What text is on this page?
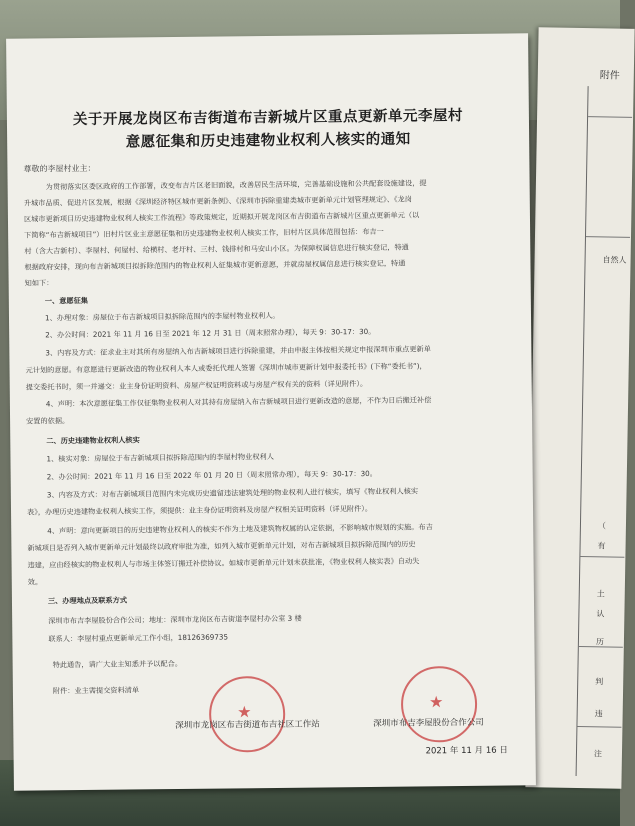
附件
自然人
（
有
土
认
历
判
违
注
关于开展龙岗区布吉街道布吉新城片区重点更新单元李屋村
意愿征集和历史违建物业权利人核实的通知
尊敬的李屋村业主：
为贯彻落实区委区政府的工作部署，改变布吉片区老旧面貌，改善居民生活环境，完善基础设施和公共配套设施建设，提
升城市品质、促进片区发展，根据《深圳经济特区城市更新条例》、《深圳市拆除重建类城市更新单元计划管理规定》、《龙岗
区城市更新项目历史违建物业权利人核实工作流程》等政策规定，近期拟开展龙岗区布吉街道布吉新城片区重点更新单元（以
下简称“布吉新城项目”）旧村片区业主意愿征集和历史违建物业权利人核实工作，旧村片区具体范围包括：布吉一
村（含大吉新村）、李屋村、何屋村、给横村、老圩村、三村、钱排村和马安山小区。为保障权属信息进行核实登记，特通
根据政府安排，现向布吉新城项目拟拆除范围内的物业权利人征集城市更新意愿，并就房屋权属信息进行核实登记，特通
知如下：
一、意愿征集
1、办理对象：房屋位于布吉新城项目拟拆除范围内的李屋村物业权利人。
2、办公时间：2021 年 11 月 16 日至 2021 年 12 月 31 日（周末照常办理），每天 9：30-17：30。
3、内容及方式：征求业主对其所有房屋纳入布吉新城项目进行拆除重建，并由申报主体按相关规定申报深圳市重点更新单
元计划的意愿。有意愿进行更新改造的物业权利人本人或委托代理人签署《深圳市城市更新计划申报委托书》(下称“委托书”)，
提交委托书时，须一并递交：业主身份证明资料、房屋产权证明资料或与房屋产权有关的资料（详见附件）。
4、声明：本次意愿征集工作仅征集物业权利人对其持有房屋纳入布吉新城项目进行更新改造的意愿，不作为日后搬迁补偿
安置的依据。
二、历史违建物业权利人核实
1、核实对象：房屋位于布吉新城项目拟拆除范围内的李屋村物业权利人
2、办公时间：2021 年 11 月 16 日至 2022 年 01 月 20 日（周末照常办理），每天 9：30-17：30。
3、内容及方式：对布吉新城项目范围内未完成历史遗留违法建筑处理的物业权利人进行核实，填写《物业权利人核实
表》，办理历史违建物业权利人核实工作，须提供：业主身份证明资料及房屋产权相关证明资料（详见附件）。
4、声明：意向更新项目的历史违建物业权利人的核实不作为土地及建筑物权属的认定依据，不影响城市规划的实施。布吉
新城项目是否列入城市更新单元计划最终以政府审批为准，如列入城市更新单元计划，对布吉新城项目拟拆除范围内的历史
违建，应由经核实的物业权利人与市场主体签订搬迁补偿协议。如城市更新单元计划未获批准，《物业权利人核实表》自动失
效。
三、办理地点及联系方式
深圳市布吉李屋股份合作公司；地址：深圳市龙岗区布吉街道李屋村办公室 3 楼
联系人：李屋村重点更新单元工作小组，18126369735
特此通告，请广大业主知悉并予以配合。
附件：业主需提交资料清单
★
★
深圳市龙岗区布吉街道布吉社区工作站	深圳市布吉李屋股份合作公司
2021 年 11 月 16 日
